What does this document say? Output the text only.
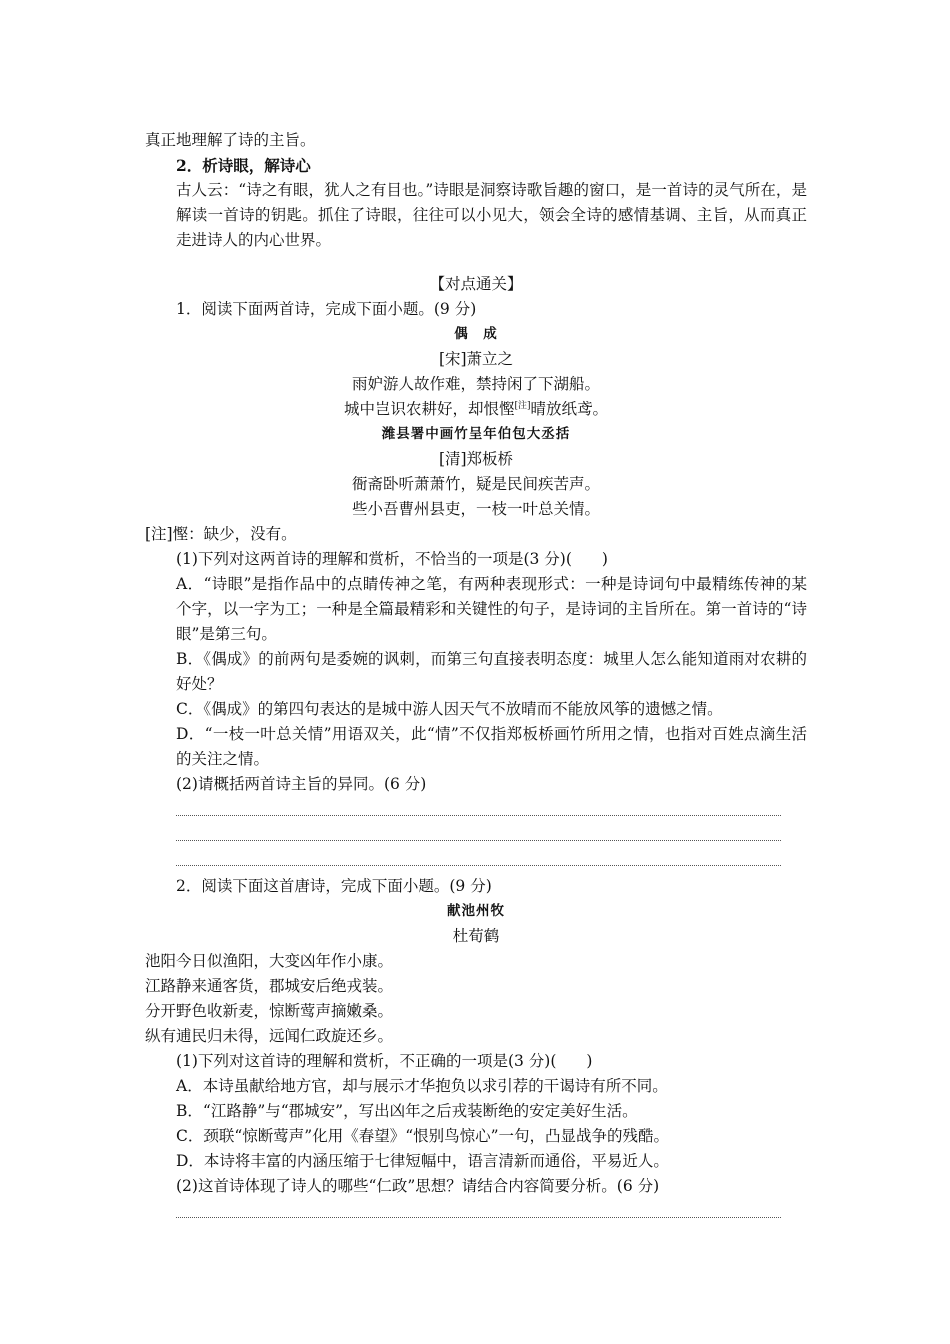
真正地理解了诗的主旨。
2．析诗眼，解诗心
古人云：“诗之有眼，犹人之有目也。”诗眼是洞察诗歌旨趣的窗口，是一首诗的灵气所在，是解读一首诗的钥匙。抓住了诗眼，往往可以小见大，领会全诗的感情基调、主旨，从而真正走进诗人的内心世界。
【对点通关】
1．阅读下面两首诗，完成下面小题。(9 分)
偶　成
[宋]萧立之
雨妒游人故作难，禁持闲了下湖船。
城中岂识农耕好，却恨慳[注]晴放纸鸢。
潍县署中画竹呈年伯包大丞括
[清]郑板桥
衙斋卧听萧萧竹，疑是民间疾苦声。
些小吾曹州县吏，一枝一叶总关情。
[注]慳：缺少，没有。
(1)下列对这两首诗的理解和赏析，不恰当的一项是(3 分)( )
A．“诗眼”是指作品中的点睛传神之笔，有两种表现形式：一种是诗词句中最精练传神的某个字，以一字为工；一种是全篇最精彩和关键性的句子，是诗词的主旨所在。第一首诗的“诗眼”是第三句。
B．《偶成》的前两句是委婉的讽刺，而第三句直接表明态度：城里人怎么能知道雨对农耕的好处？
C．《偶成》的第四句表达的是城中游人因天气不放晴而不能放风筝的遗憾之情。
D．“一枝一叶总关情”用语双关，此“情”不仅指郑板桥画竹所用之情，也指对百姓点滴生活的关注之情。
(2)请概括两首诗主旨的异同。(6 分)
2．阅读下面这首唐诗，完成下面小题。(9 分)
献池州牧
杜荀鹤
池阳今日似渔阳，大变凶年作小康。
江路静来通客货，郡城安后绝戎装。
分开野色收新麦，惊断莺声摘嫩桑。
纵有逋民归未得，远闻仁政旋还乡。
(1)下列对这首诗的理解和赏析，不正确的一项是(3 分)( )
A．本诗虽献给地方官，却与展示才华抱负以求引荐的干谒诗有所不同。
B．“江路静”与“郡城安”，写出凶年之后戎装断绝的安定美好生活。
C．颈联“惊断莺声”化用《春望》“恨别鸟惊心”一句，凸显战争的残酷。
D．本诗将丰富的内涵压缩于七律短幅中，语言清新而通俗，平易近人。
(2)这首诗体现了诗人的哪些“仁政”思想？请结合内容简要分析。(6 分)
